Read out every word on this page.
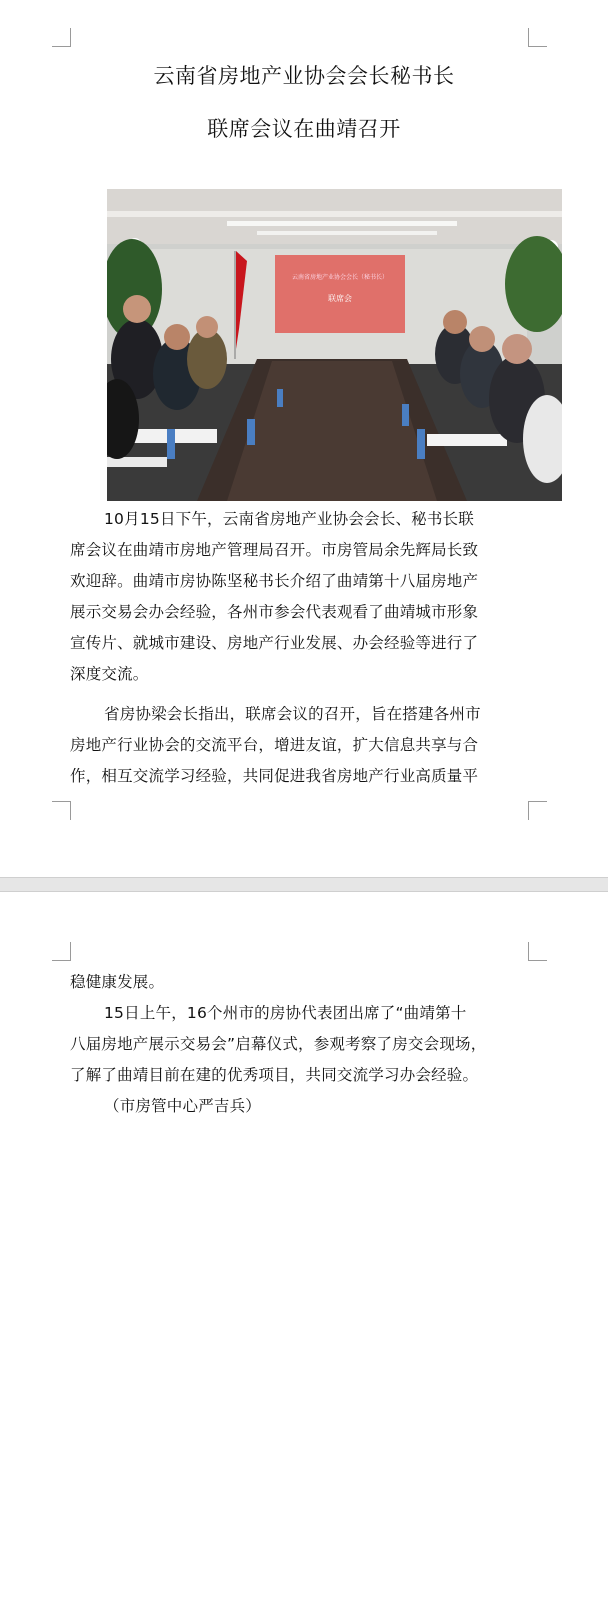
云南省房地产业协会会长秘书长
联席会议在曲靖召开
云南省房地产业协会会长（秘书长）
联席会
10月15日下午，云南省房地产业协会会长、秘书长联
席会议在曲靖市房地产管理局召开。市房管局余先辉局长致
欢迎辞。曲靖市房协陈坚秘书长介绍了曲靖第十八届房地产
展示交易会办会经验，各州市参会代表观看了曲靖城市形象
宣传片、就城市建设、房地产行业发展、办会经验等进行了
深度交流。
省房协梁会长指出，联席会议的召开，旨在搭建各州市
房地产行业协会的交流平台，增进友谊，扩大信息共享与合
作，相互交流学习经验，共同促进我省房地产行业高质量平
稳健康发展。
15日上午，16个州市的房协代表团出席了“曲靖第十
八届房地产展示交易会”启幕仪式，参观考察了房交会现场，
了解了曲靖目前在建的优秀项目，共同交流学习办会经验。
（市房管中心严吉兵）
